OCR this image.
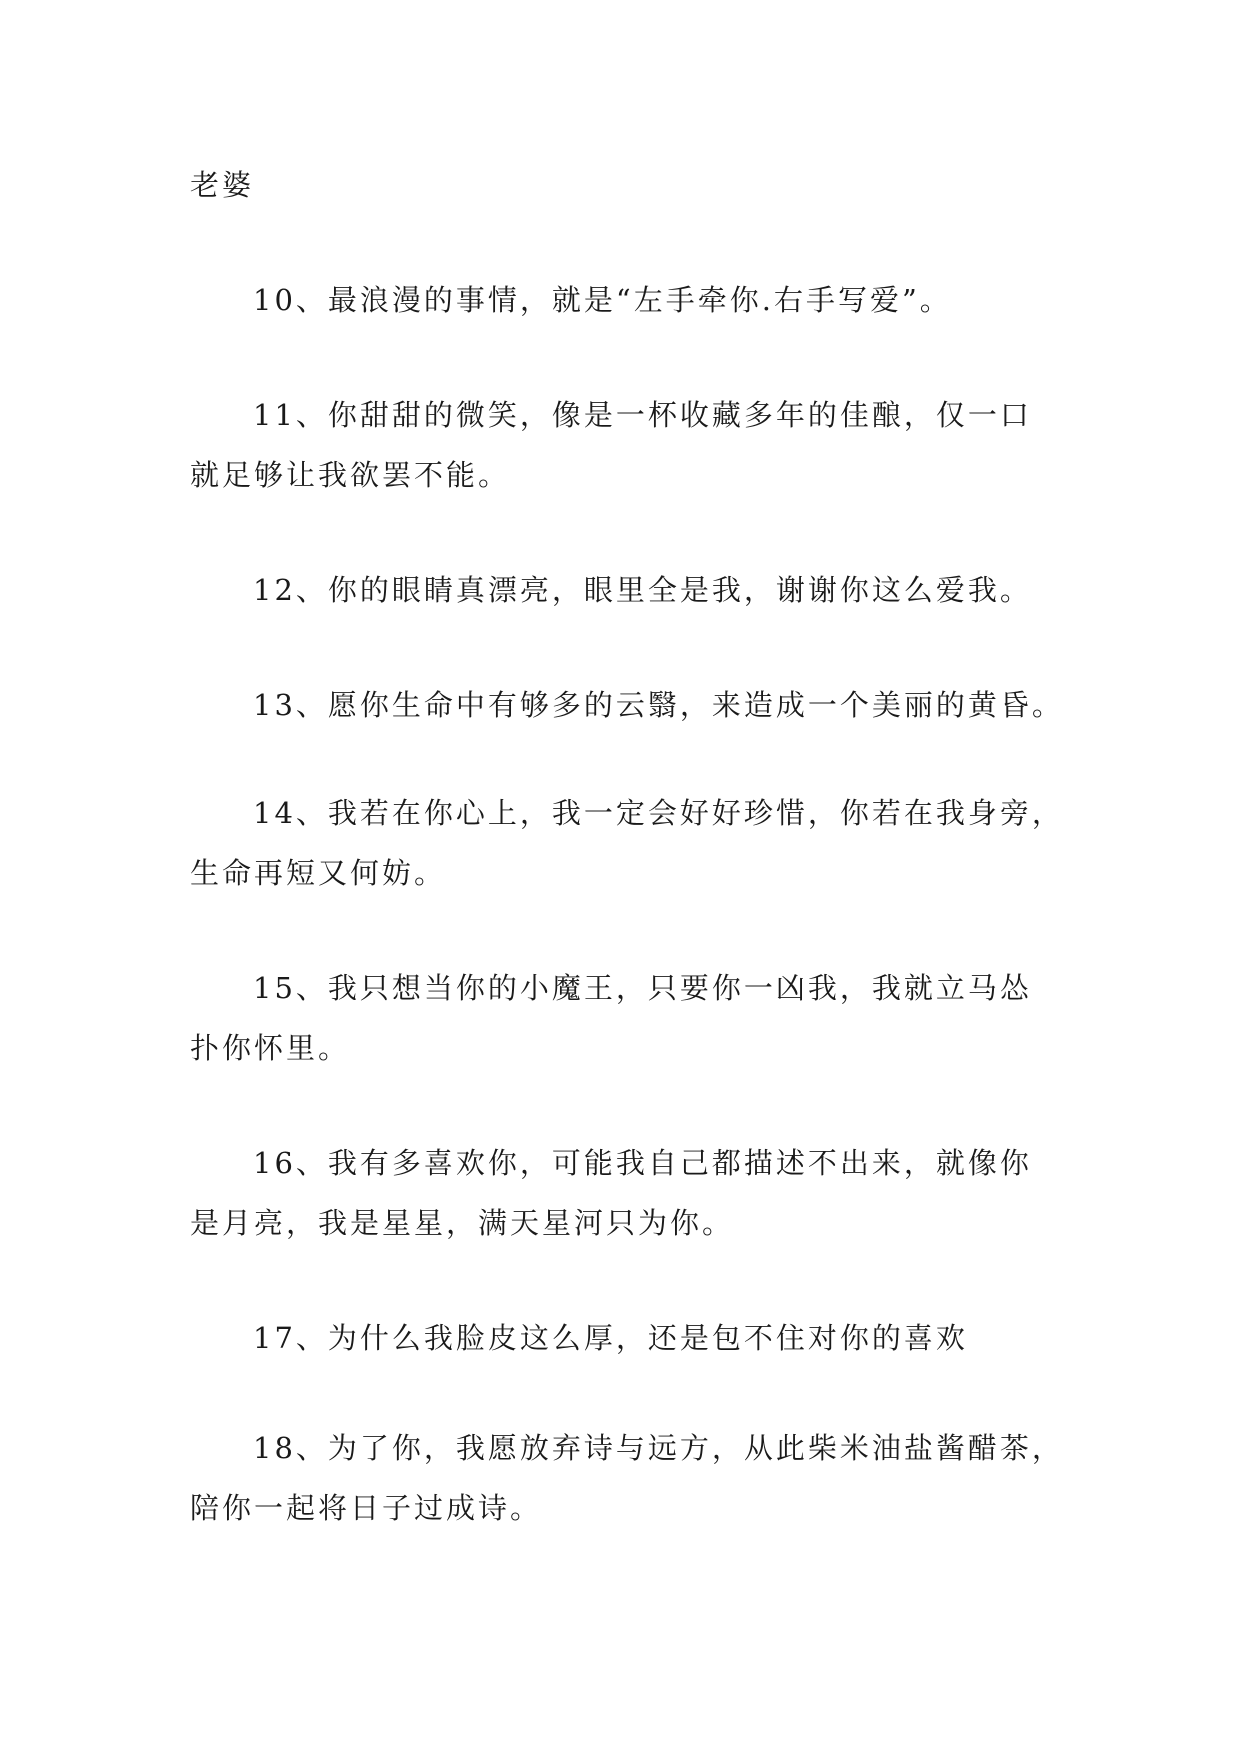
老婆
10、最浪漫的事情，就是“左手牵你.右手写爱”。
11、你甜甜的微笑，像是一杯收藏多年的佳酿，仅一口
就足够让我欲罢不能。
12、你的眼睛真漂亮，眼里全是我，谢谢你这么爱我。
13、愿你生命中有够多的云翳，来造成一个美丽的黄昏。
14、我若在你心上，我一定会好好珍惜，你若在我身旁，
生命再短又何妨。
15、我只想当你的小魔王，只要你一凶我，我就立马怂
扑你怀里。
16、我有多喜欢你，可能我自己都描述不出来，就像你
是月亮，我是星星，满天星河只为你。
17、为什么我脸皮这么厚，还是包不住对你的喜欢
18、为了你，我愿放弃诗与远方，从此柴米油盐酱醋茶，
陪你一起将日子过成诗。
